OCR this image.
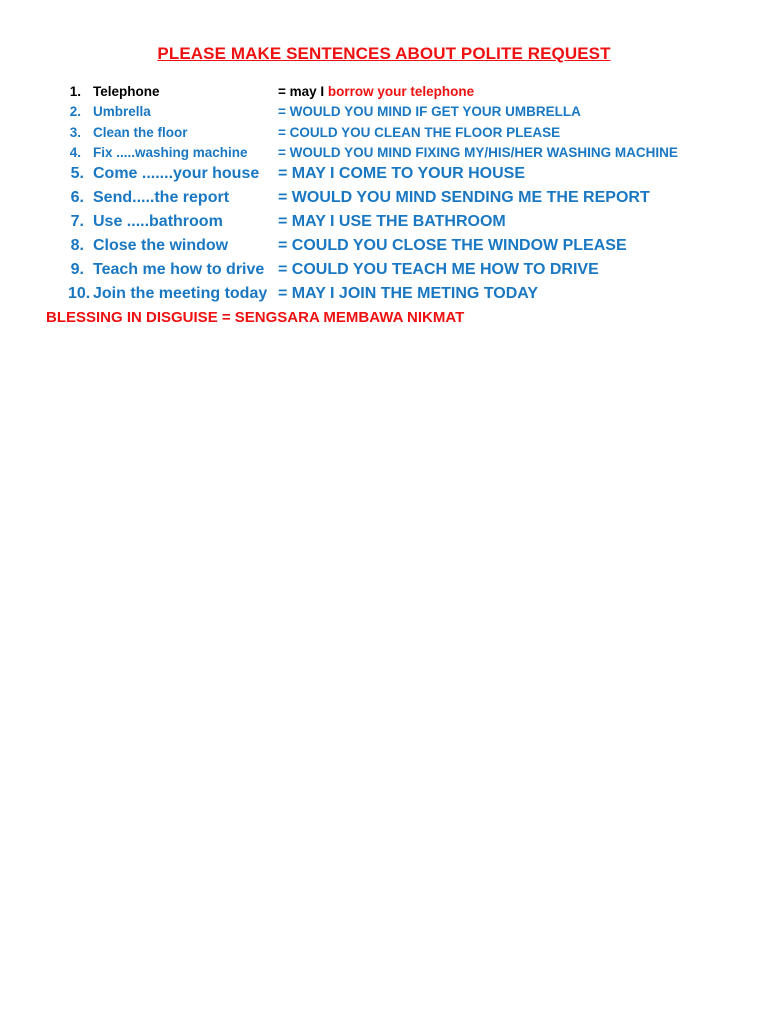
PLEASE MAKE SENTENCES ABOUT POLITE REQUEST
1. Telephone	= may I borrow your telephone
2. Umbrella	= WOULD YOU MIND IF GET YOUR UMBRELLA
3. Clean the floor	= COULD YOU CLEAN THE FLOOR PLEASE
4. Fix .....washing machine = WOULD YOU MIND FIXING MY/HIS/HER WASHING MACHINE
5. Come .......your house = MAY I COME TO YOUR HOUSE
6. Send.....the report	= WOULD YOU MIND SENDING ME THE REPORT
7. Use .....bathroom	= MAY I USE THE BATHROOM
8. Close the window	= COULD YOU CLOSE THE WINDOW PLEASE
9. Teach me how to drive = COULD YOU TEACH ME HOW TO DRIVE
10. Join the meeting today = MAY I JOIN THE METING TODAY
BLESSING IN DISGUISE = SENGSARA MEMBAWA NIKMAT
